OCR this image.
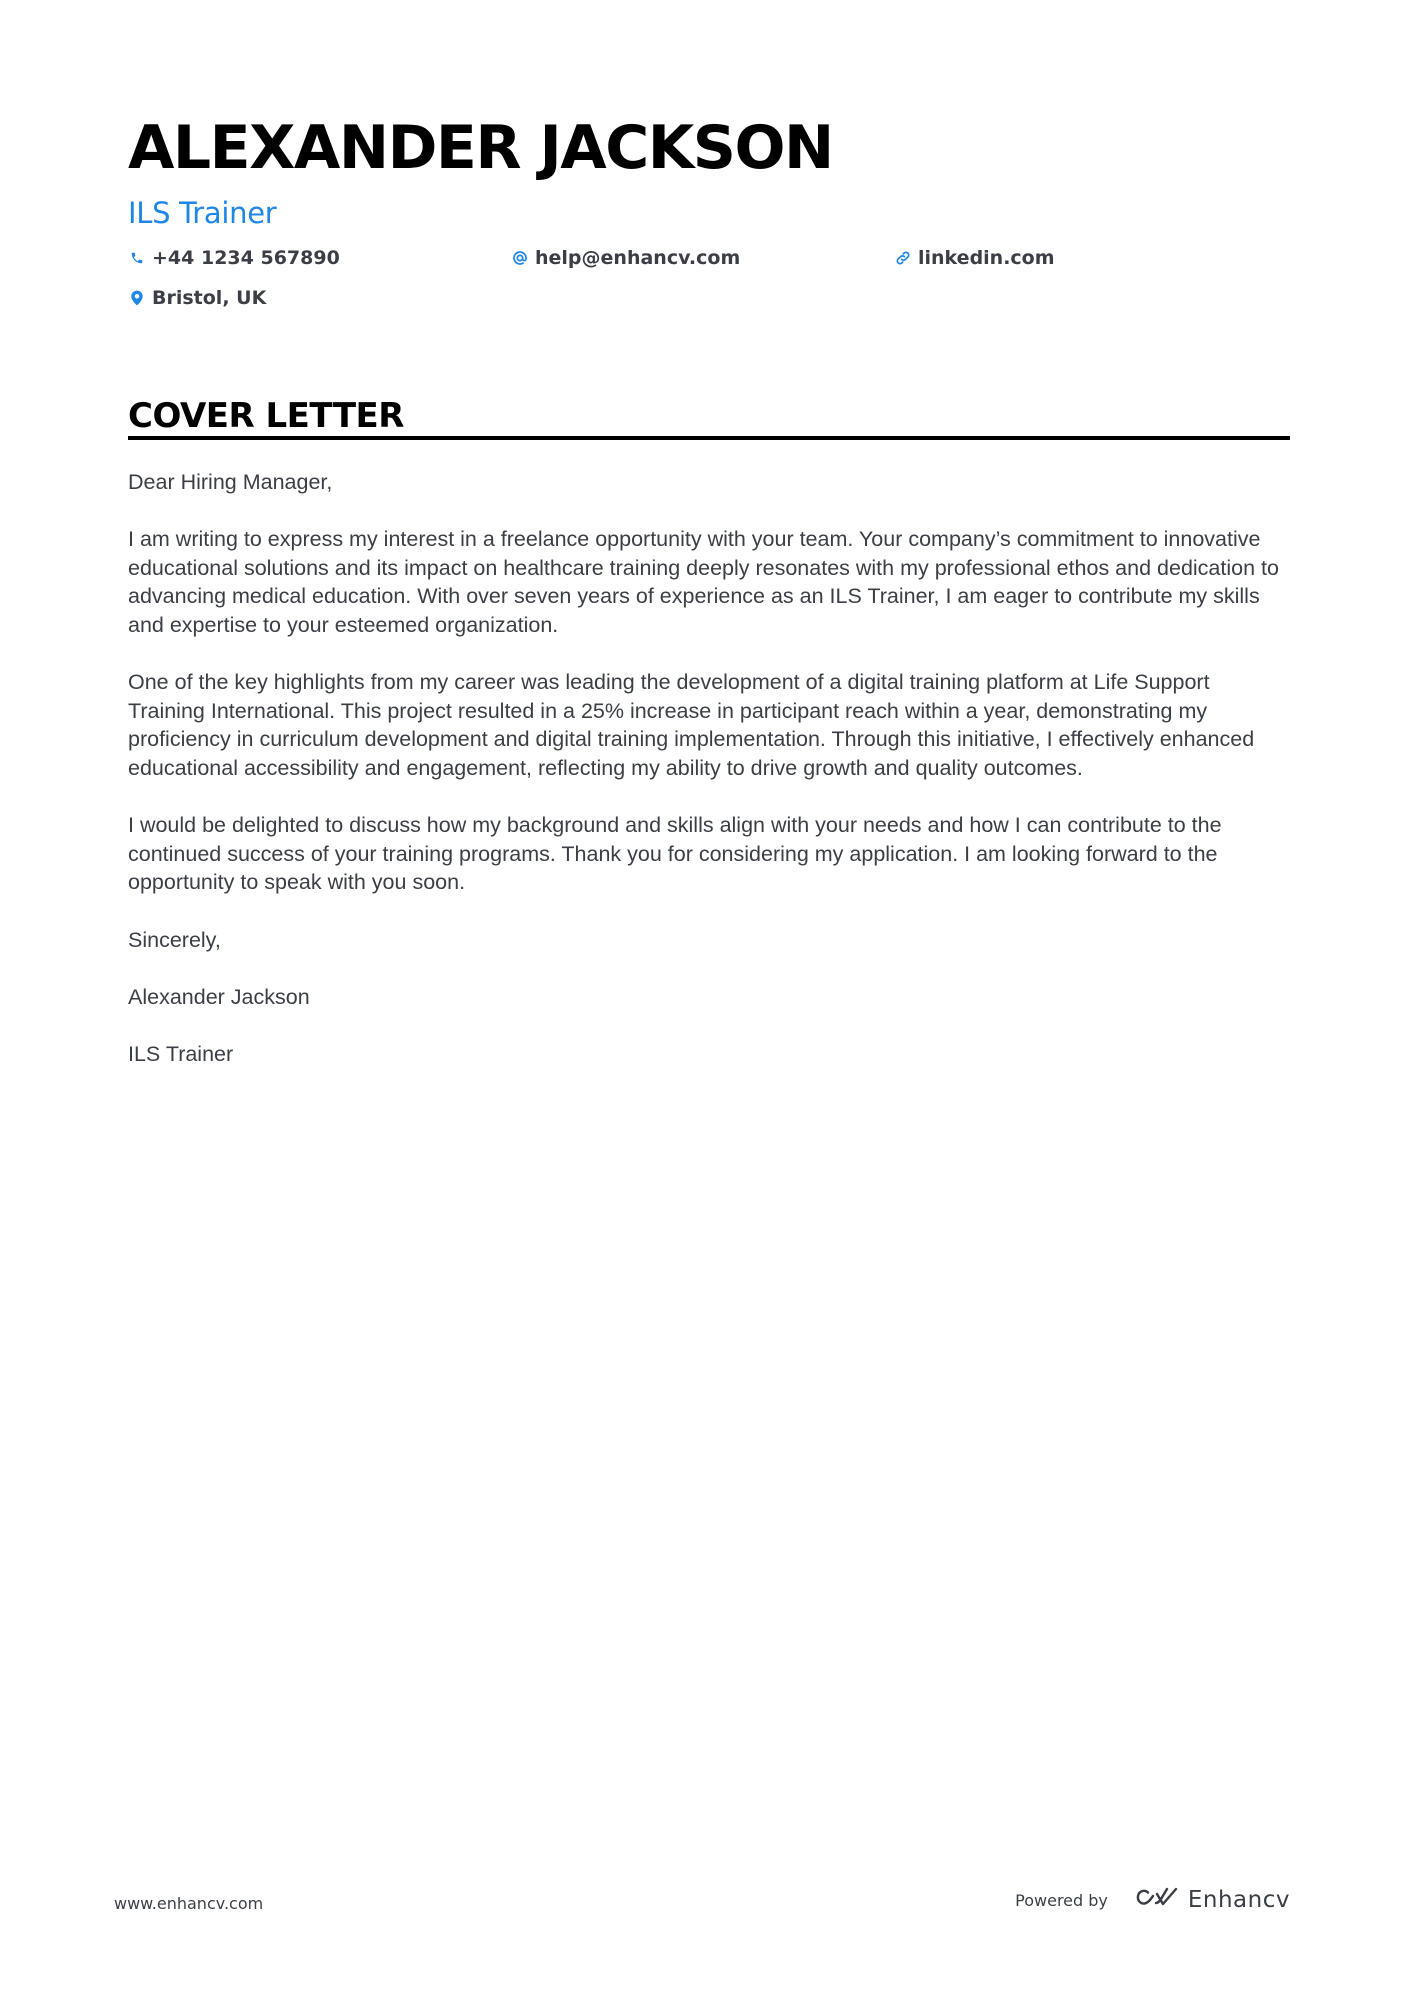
ALEXANDER JACKSON
ILS Trainer
+44 1234 567890	help@enhancv.com	linkedin.com
Bristol, UK
COVER LETTER

Dear Hiring Manager,

I am writing to express my interest in a freelance opportunity with your team. Your company’s commitment to innovative educational solutions and its impact on healthcare training deeply resonates with my professional ethos and dedication to advancing medical education. With over seven years of experience as an ILS Trainer, I am eager to contribute my skills and expertise to your esteemed organization.

One of the key highlights from my career was leading the development of a digital training platform at Life Support Training International. This project resulted in a 25% increase in participant reach within a year, demonstrating my proficiency in curriculum development and digital training implementation. Through this initiative, I effectively enhanced educational accessibility and engagement, reflecting my ability to drive growth and quality outcomes.

I would be delighted to discuss how my background and skills align with your needs and how I can contribute to the continued success of your training programs. Thank you for considering my application. I am looking forward to the opportunity to speak with you soon.

Sincerely,

Alexander Jackson

ILS Trainer

www.enhancv.com	Powered by	Enhancv
